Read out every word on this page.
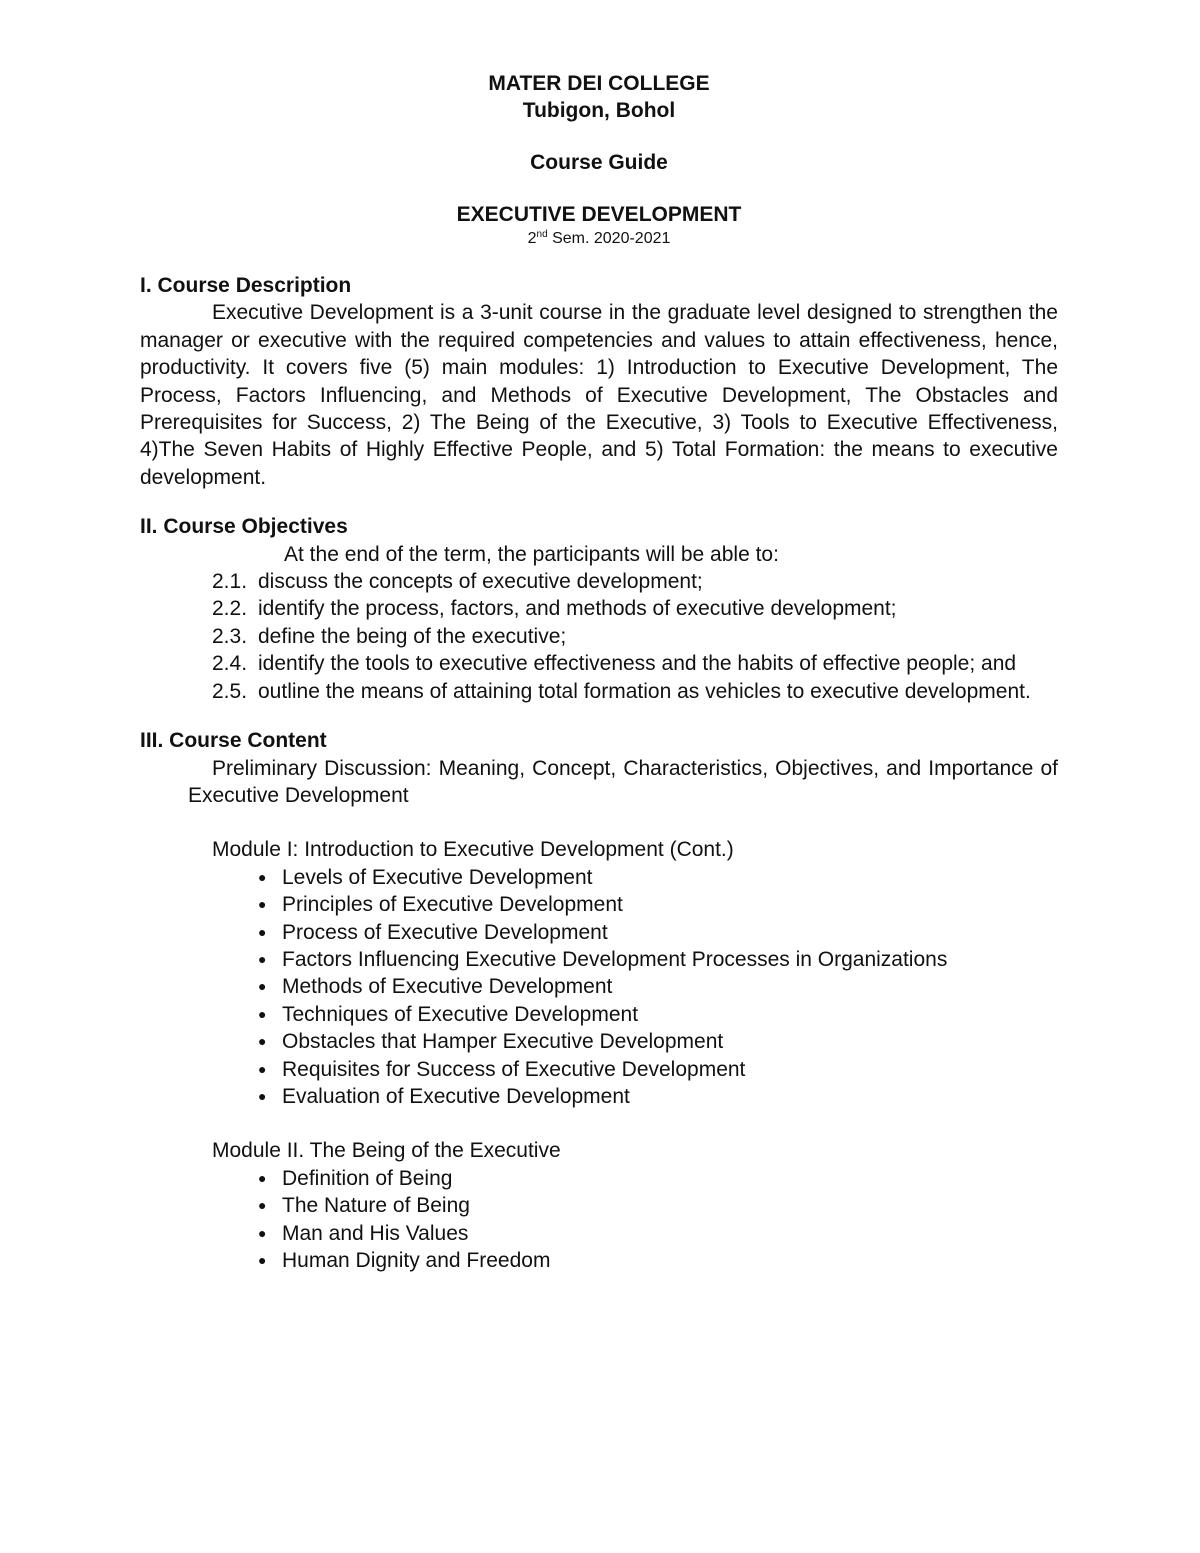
MATER DEI COLLEGE
Tubigon, Bohol
Course Guide
EXECUTIVE DEVELOPMENT
2nd Sem. 2020-2021
I. Course Description
Executive Development is a 3-unit course in the graduate level designed to strengthen the manager or executive with the required competencies and values to attain effectiveness, hence, productivity. It covers five (5) main modules: 1) Introduction to Executive Development, The Process, Factors Influencing, and Methods of Executive Development, The Obstacles and Prerequisites for Success, 2) The Being of the Executive, 3) Tools to Executive Effectiveness, 4)The Seven Habits of Highly Effective People, and 5) Total Formation: the means to executive development.
II. Course Objectives
At the end of the term, the participants will be able to:
2.1. discuss the concepts of executive development;
2.2. identify the process, factors, and methods of executive development;
2.3. define the being of the executive;
2.4. identify the tools to executive effectiveness and the habits of effective people; and
2.5. outline the means of attaining total formation as vehicles to executive development.
III. Course Content
Preliminary Discussion: Meaning, Concept, Characteristics, Objectives, and Importance of Executive Development
Module I: Introduction to Executive Development (Cont.)
● Levels of Executive Development
● Principles of Executive Development
● Process of Executive Development
● Factors Influencing Executive Development Processes in Organizations
● Methods of Executive Development
● Techniques of Executive Development
● Obstacles that Hamper Executive Development
● Requisites for Success of Executive Development
● Evaluation of Executive Development
Module II. The Being of the Executive
● Definition of Being
● The Nature of Being
● Man and His Values
● Human Dignity and Freedom
